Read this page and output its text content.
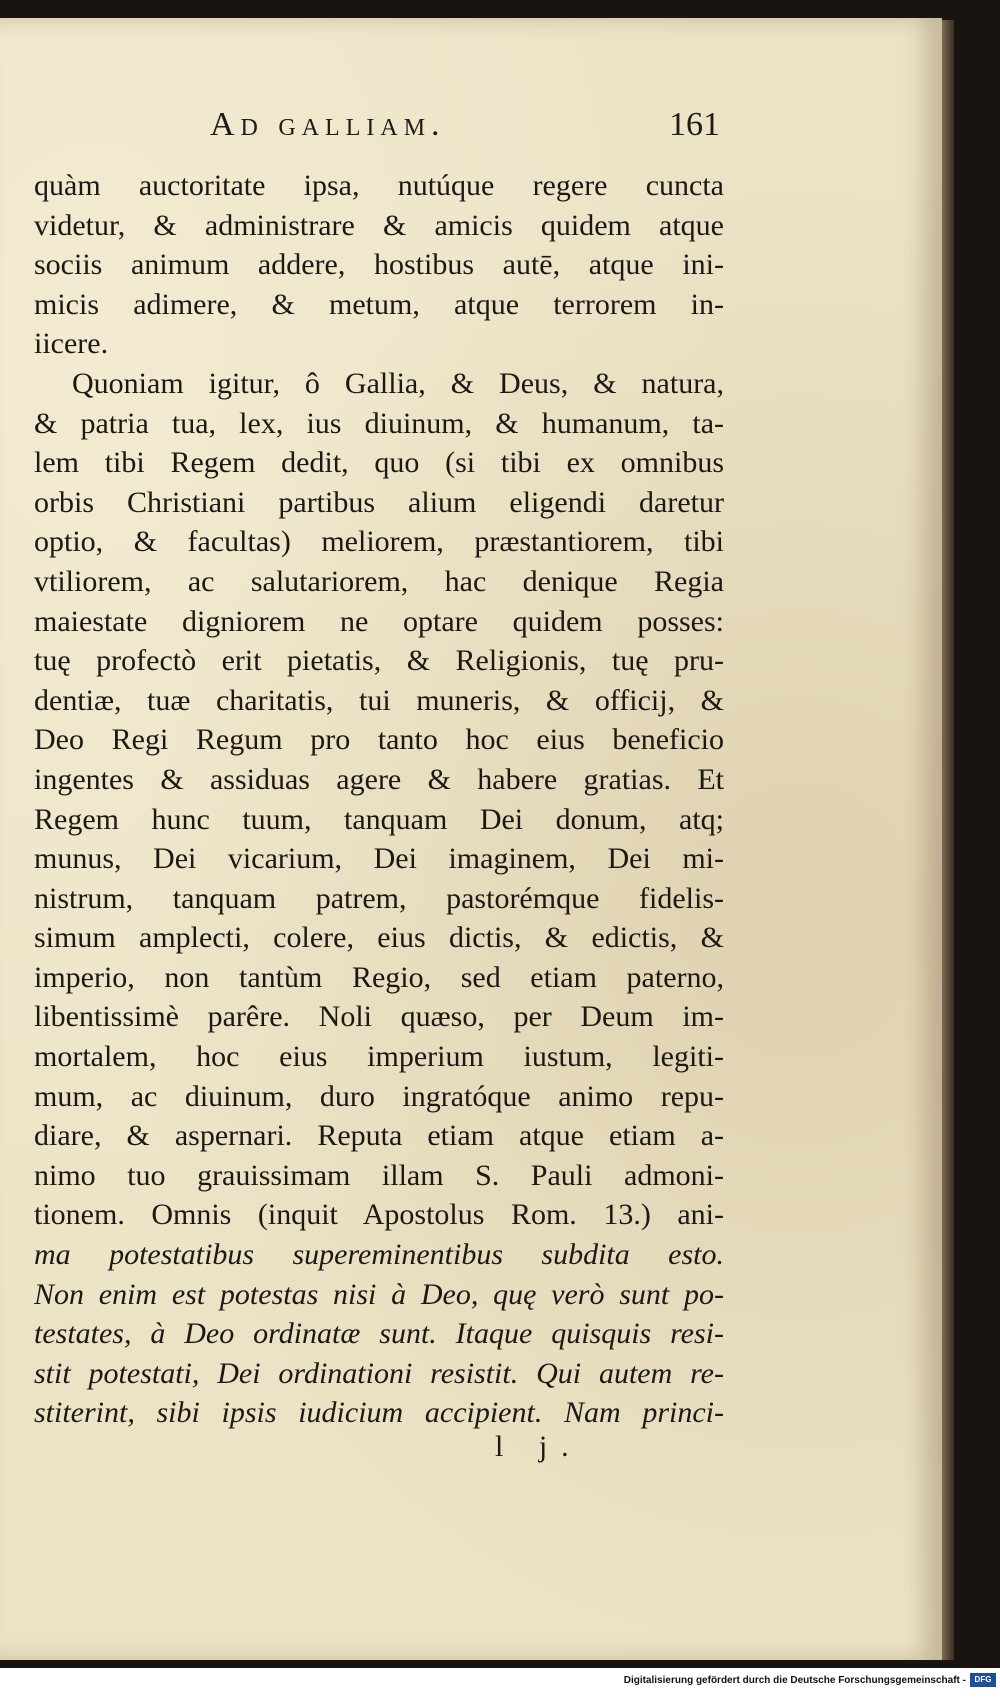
Ad galliam.	161
quàm auctoritate ipsa, nutúque regere cuncta
videtur, & administrare & amicis quidem atque
sociis animum addere, hostibus autē, atque ini-
micis adimere, & metum, atque terrorem in-
iicere.
Quoniam igitur, ô Gallia, & Deus, & natura,
& patria tua, lex, ius diuinum, & humanum, ta-
lem tibi Regem dedit, quo (si tibi ex omnibus
orbis Christiani partibus alium eligendi daretur
optio, & facultas) meliorem, præstantiorem, tibi
vtiliorem, ac salutariorem, hac denique Regia
maiestate digniorem ne optare quidem posses:
tuę profectò erit pietatis, & Religionis, tuę pru-
dentiæ, tuæ charitatis, tui muneris, & officij, &
Deo Regi Regum pro tanto hoc eius beneficio
ingentes & assiduas agere & habere gratias. Et
Regem hunc tuum, tanquam Dei donum, atq;
munus, Dei vicarium, Dei imaginem, Dei mi-
nistrum, tanquam patrem, pastorémque fidelis-
simum amplecti, colere, eius dictis, & edictis, &
imperio, non tantùm Regio, sed etiam paterno,
libentissimè parêre. Noli quæso, per Deum im-
mortalem, hoc eius imperium iustum, legiti-
mum, ac diuinum, duro ingratóque animo repu-
diare, & aspernari. Reputa etiam atque etiam a-
nimo tuo grauissimam illam S. Pauli admoni-
tionem. Omnis (inquit Apostolus Rom. 13.) ani-
ma potestatibus supereminentibus subdita esto.
Non enim est potestas nisi à Deo, quę verò sunt po-
testates, à Deo ordinatæ sunt. Itaque quisquis resi-
stit potestati, Dei ordinationi resistit. Qui autem re-
stiterint, sibi ipsis iudicium accipient. Nam princi-
l j.
Digitalisierung gefördert durch die Deutsche Forschungsgemeinschaft -	DFG
